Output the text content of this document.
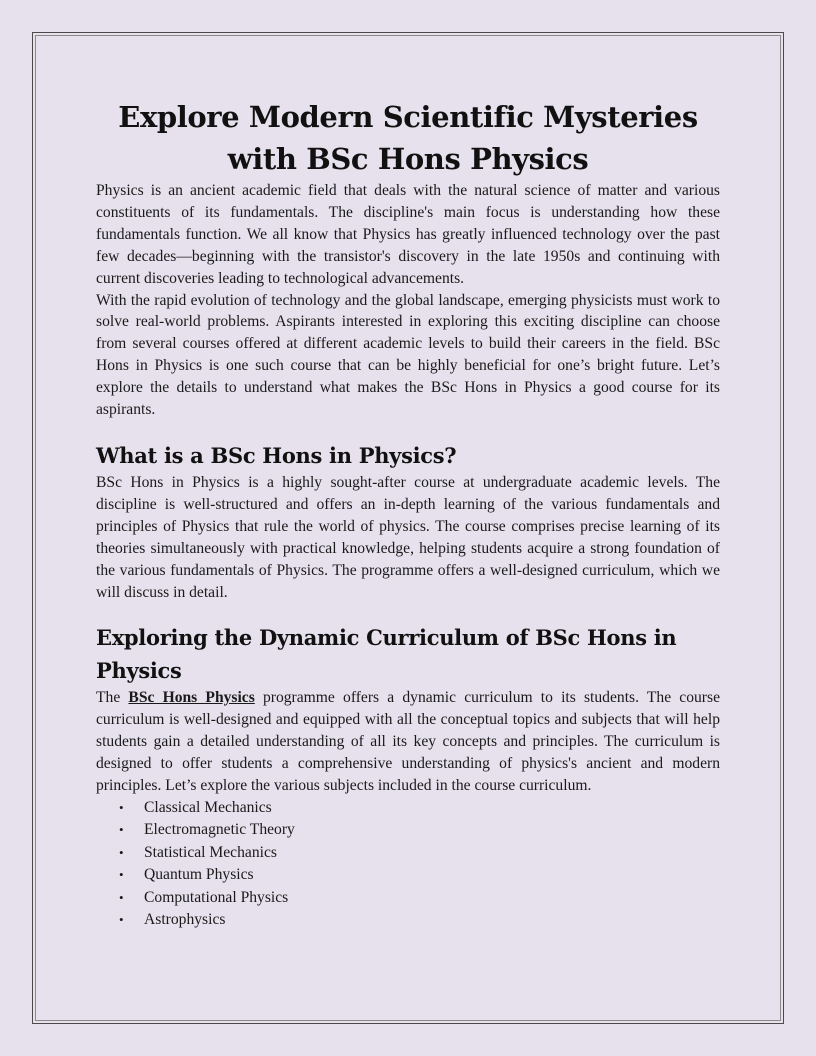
Explore Modern Scientific Mysteries with BSc Hons Physics

Physics is an ancient academic field that deals with the natural science of matter and various constituents of its fundamentals. The discipline's main focus is understanding how these fundamentals function. We all know that Physics has greatly influenced technology over the past few decades—beginning with the transistor's discovery in the late 1950s and continuing with current discoveries leading to technological advancements.

With the rapid evolution of technology and the global landscape, emerging physicists must work to solve real-world problems. Aspirants interested in exploring this exciting discipline can choose from several courses offered at different academic levels to build their careers in the field. BSc Hons in Physics is one such course that can be highly beneficial for one’s bright future. Let’s explore the details to understand what makes the BSc Hons in Physics a good course for its aspirants.

What is a BSc Hons in Physics?

BSc Hons in Physics is a highly sought-after course at undergraduate academic levels. The discipline is well-structured and offers an in-depth learning of the various fundamentals and principles of Physics that rule the world of physics. The course comprises precise learning of its theories simultaneously with practical knowledge, helping students acquire a strong foundation of the various fundamentals of Physics. The programme offers a well-designed curriculum, which we will discuss in detail.

Exploring the Dynamic Curriculum of BSc Hons in Physics

The BSc Hons Physics programme offers a dynamic curriculum to its students. The course curriculum is well-designed and equipped with all the conceptual topics and subjects that will help students gain a detailed understanding of all its key concepts and principles. The curriculum is designed to offer students a comprehensive understanding of physics's ancient and modern principles. Let’s explore the various subjects included in the course curriculum.

• Classical Mechanics
• Electromagnetic Theory
• Statistical Mechanics
• Quantum Physics
• Computational Physics
• Astrophysics
